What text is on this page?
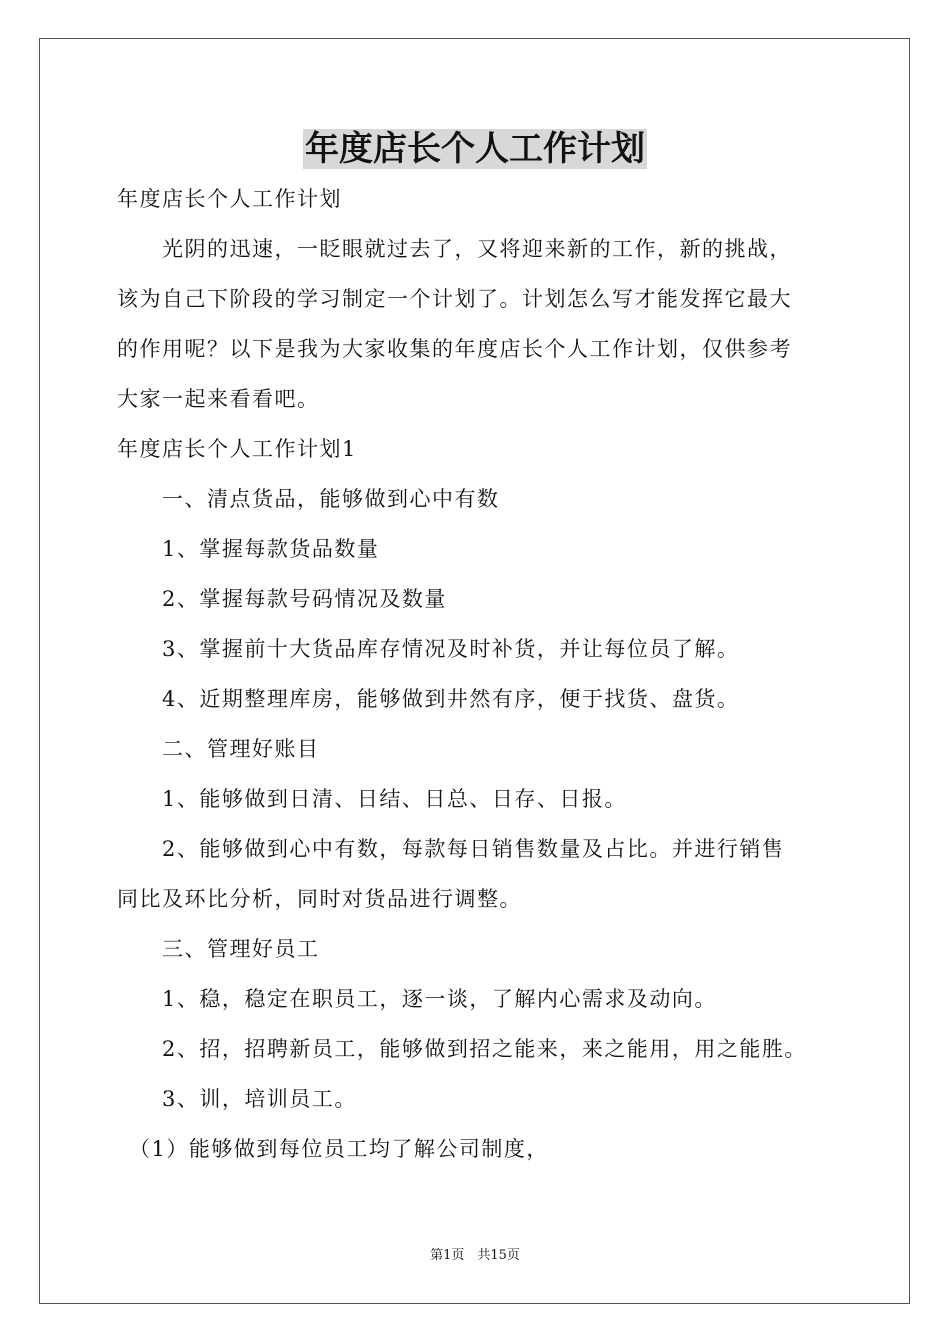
年度店长个人工作计划
年度店长个人工作计划
　　光阴的迅速，一眨眼就过去了，又将迎来新的工作，新的挑战，
该为自己下阶段的学习制定一个计划了。计划怎么写才能发挥它最大
的作用呢？以下是我为大家收集的年度店长个人工作计划，仅供参考
大家一起来看看吧。
年度店长个人工作计划1
　　一、清点货品，能够做到心中有数
　　1、掌握每款货品数量
　　2、掌握每款号码情况及数量
　　3、掌握前十大货品库存情况及时补货，并让每位员了解。
　　4、近期整理库房，能够做到井然有序，便于找货、盘货。
　　二、管理好账目
　　1、能够做到日清、日结、日总、日存、日报。
　　2、能够做到心中有数，每款每日销售数量及占比。并进行销售
同比及环比分析，同时对货品进行调整。
　　三、管理好员工
　　1、稳，稳定在职员工，逐一谈，了解内心需求及动向。
　　2、招，招聘新员工，能够做到招之能来，来之能用，用之能胜。
　　3、训，培训员工。
　（1）能够做到每位员工均了解公司制度，
第1页　共15页
